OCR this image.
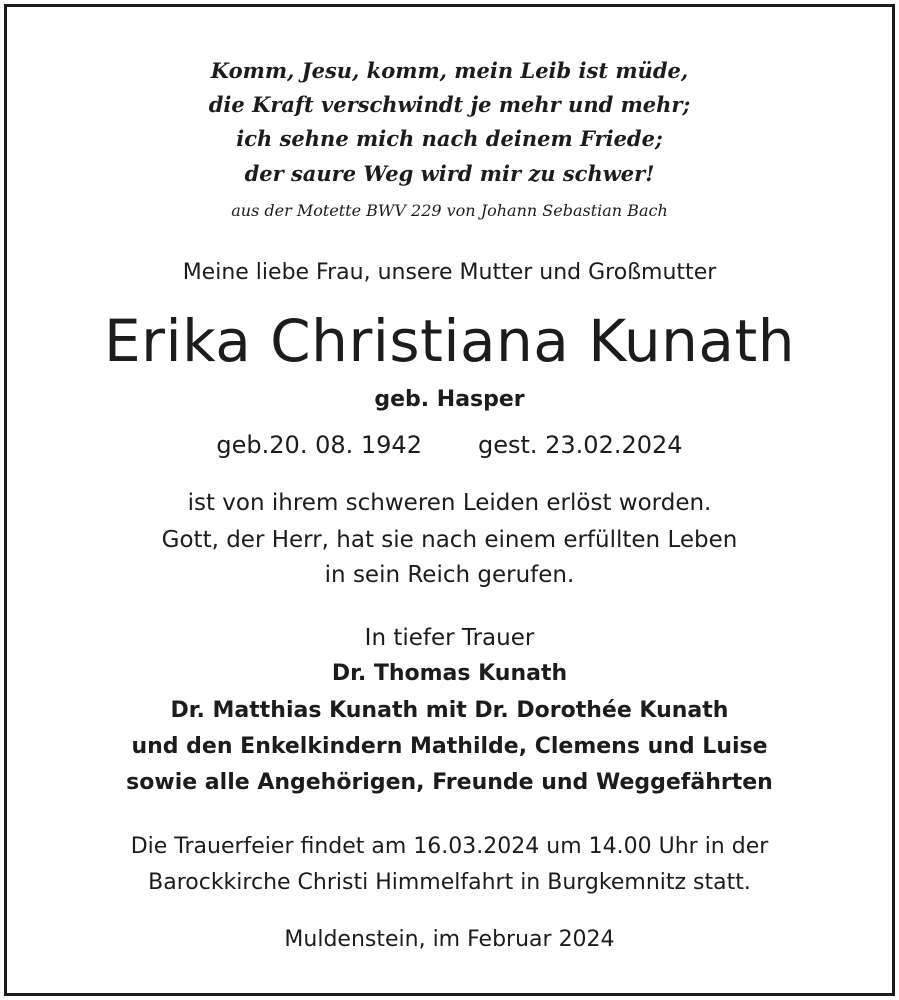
Komm, Jesu, komm, mein Leib ist müde,
die Kraft verschwindt je mehr und mehr;
ich sehne mich nach deinem Friede;
der saure Weg wird mir zu schwer!
aus der Motette BWV 229 von Johann Sebastian Bach
Meine liebe Frau, unsere Mutter und Großmutter
Erika Christiana Kunath
geb. Hasper
geb.20. 08. 1942 gest. 23.02.2024
ist von ihrem schweren Leiden erlöst worden.
Gott, der Herr, hat sie nach einem erfüllten Leben
in sein Reich gerufen.
In tiefer Trauer
Dr. Thomas Kunath
Dr. Matthias Kunath mit Dr. Dorothée Kunath
und den Enkelkindern Mathilde, Clemens und Luise
sowie alle Angehörigen, Freunde und Weggefährten
Die Trauerfeier findet am 16.03.2024 um 14.00 Uhr in der
Barockkirche Christi Himmelfahrt in Burgkemnitz statt.
Muldenstein, im Februar 2024
